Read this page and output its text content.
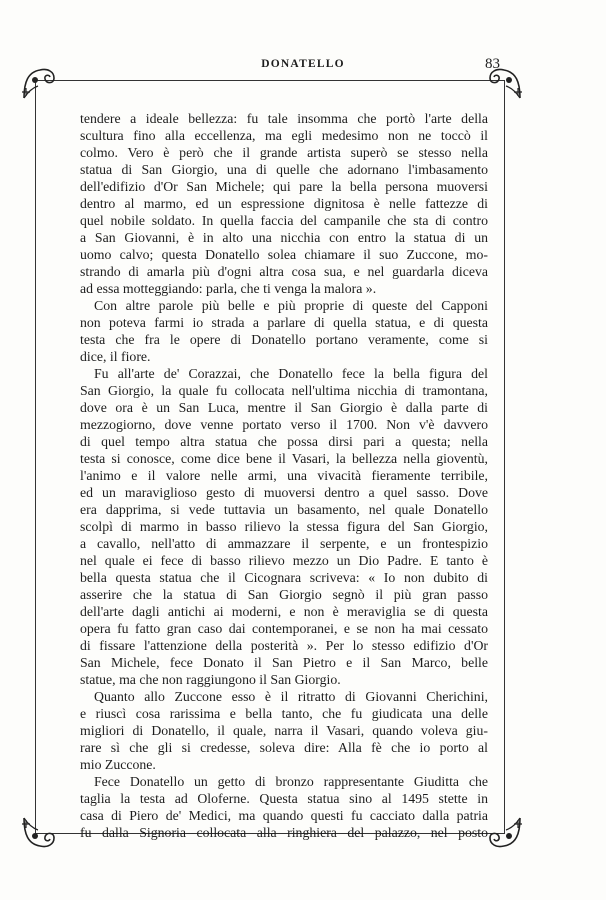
DONATELLO	83
tendere a ideale bellezza: fu tale insomma che portò l'arte della
scultura fino alla eccellenza, ma egli medesimo non ne toccò il
colmo. Vero è però che il grande artista superò se stesso nella
statua di San Giorgio, una di quelle che adornano l'imbasamento
dell'edifizio d'Or San Michele; qui pare la bella persona muoversi
dentro al marmo, ed un espressione dignitosa è nelle fattezze di
quel nobile soldato. In quella faccia del campanile che sta di contro
a San Giovanni, è in alto una nicchia con entro la statua di un
uomo calvo; questa Donatello solea chiamare il suo Zuccone, mo-
strando di amarla più d'ogni altra cosa sua, e nel guardarla diceva
ad essa motteggiando: parla, che ti venga la malora ».
Con altre parole più belle e più proprie di queste del Capponi
non poteva farmi io strada a parlare di quella statua, e di questa
testa che fra le opere di Donatello portano veramente, come si
dice, il fiore.
Fu all'arte de' Corazzai, che Donatello fece la bella figura del
San Giorgio, la quale fu collocata nell'ultima nicchia di tramontana,
dove ora è un San Luca, mentre il San Giorgio è dalla parte di
mezzogiorno, dove venne portato verso il 1700. Non v'è davvero
di quel tempo altra statua che possa dirsi pari a questa; nella
testa si conosce, come dice bene il Vasari, la bellezza nella gioventù,
l'animo e il valore nelle armi, una vivacità fieramente terribile,
ed un maraviglioso gesto di muoversi dentro a quel sasso. Dove
era dapprima, si vede tuttavia un basamento, nel quale Donatello
scolpì di marmo in basso rilievo la stessa figura del San Giorgio,
a cavallo, nell'atto di ammazzare il serpente, e un frontespizio
nel quale ei fece di basso rilievo mezzo un Dio Padre. E tanto è
bella questa statua che il Cicognara scriveva: « Io non dubito di
asserire che la statua di San Giorgio segnò il più gran passo
dell'arte dagli antichi ai moderni, e non è meraviglia se di questa
opera fu fatto gran caso dai contemporanei, e se non ha mai cessato
di fissare l'attenzione della posterità ». Per lo stesso edifizio d'Or
San Michele, fece Donato il San Pietro e il San Marco, belle
statue, ma che non raggiungono il San Giorgio.
Quanto allo Zuccone esso è il ritratto di Giovanni Cherichini,
e riuscì cosa rarissima e bella tanto, che fu giudicata una delle
migliori di Donatello, il quale, narra il Vasari, quando voleva giu-
rare sì che gli si credesse, soleva dire: Alla fè che io porto al
mio Zuccone.
Fece Donatello un getto di bronzo rappresentante Giuditta che
taglia la testa ad Oloferne. Questa statua sino al 1495 stette in
casa di Piero de' Medici, ma quando questi fu cacciato dalla patria
fu dalla Signoria collocata alla ringhiera del palazzo, nel posto
